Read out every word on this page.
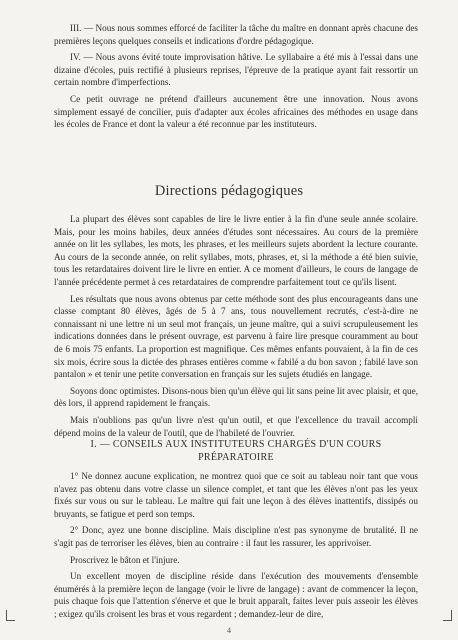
III. — Nous nous sommes efforcé de faciliter la tâche du maître en donnant après chacune des premières leçons quelques conseils et indications d'ordre pédagogique.

IV. — Nous avons évité toute improvisation hâtive. Le syllabaire a été mis à l'essai dans une dizaine d'écoles, puis rectifié à plusieurs reprises, l'épreuve de la pratique ayant fait ressortir un certain nombre d'imperfections.

Ce petit ouvrage ne prétend d'ailleurs aucunement être une innovation. Nous avons simplement essayé de concilier, puis d'adapter aux écoles africaines des méthodes en usage dans les écoles de France et dont la valeur a été reconnue par les instituteurs.

Directions pédagogiques

La plupart des élèves sont capables de lire le livre entier à la fin d'une seule année scolaire. Mais, pour les moins habiles, deux années d'études sont nécessaires. Au cours de la première année on lit les syllabes, les mots, les phrases, et les meilleurs sujets abordent la lecture courante. Au cours de la seconde année, on relit syllabes, mots, phrases, et, si la méthode a été bien suivie, tous les retardataires doivent lire le livre en entier. A ce moment d'ailleurs, le cours de langage de l'année précédente permet à ces retardataires de comprendre parfaitement tout ce qu'ils lisent.

Les résultats que nous avons obtenus par cette méthode sont des plus encourageants dans une classe comptant 80 élèves, âgés de 5 à 7 ans, tous nouvellement recrutés, c'est-à-dire ne connaissant ni une lettre ni un seul mot français, un jeune maître, qui a suivi scrupuleusement les indications données dans le présent ouvrage, est parvenu à faire lire presque couramment au bout de 6 mois 75 enfants. La proportion est magnifique. Ces mêmes enfants pouvaient, à la fin de ces six mois, écrire sous la dictée des phrases entières comme « fabilé a du bon savon ; fabilé lave son pantalon » et tenir une petite conversation en français sur les sujets étudiés en langage.

Soyons donc optimistes. Disons-nous bien qu'un élève qui lit sans peine lit avec plaisir, et que, dès lors, il apprend rapidement le français.

Mais n'oublions pas qu'un livre n'est qu'un outil, et que l'excellence du travail accompli dépend moins de la valeur de l'outil, que de l'habileté de l'ouvrier.

I. — CONSEILS AUX INSTITUTEURS CHARGÉS D'UN COURS
PRÉPARATOIRE

1° Ne donnez aucune explication, ne montrez quoi que ce soit au tableau noir tant que vous n'avez pas obtenu dans votre classe un silence complet, et tant que les élèves n'ont pas les yeux fixés sur vous ou sur le tableau. Le maître qui fait une leçon à des élèves inattentifs, dissipés ou bruyants, se fatigue et perd son temps.

2° Donc, ayez une bonne discipline. Mais discipline n'est pas synonyme de brutalité. Il ne s'agit pas de terroriser les élèves, bien au contraire : il faut les rassurer, les apprivoiser.

Proscrivez le bâton et l'injure.

Un excellent moyen de discipline réside dans l'exécution des mouvements d'ensemble énumérés à la première leçon de langage (voir le livre de langage) : avant de commencer la leçon, puis chaque fois que l'attention s'énerve et que le bruit apparaît, faites lever puis asseoir les élèves ; exigez qu'ils croisent les bras et vous regardent ; demandez-leur de dire,

4
